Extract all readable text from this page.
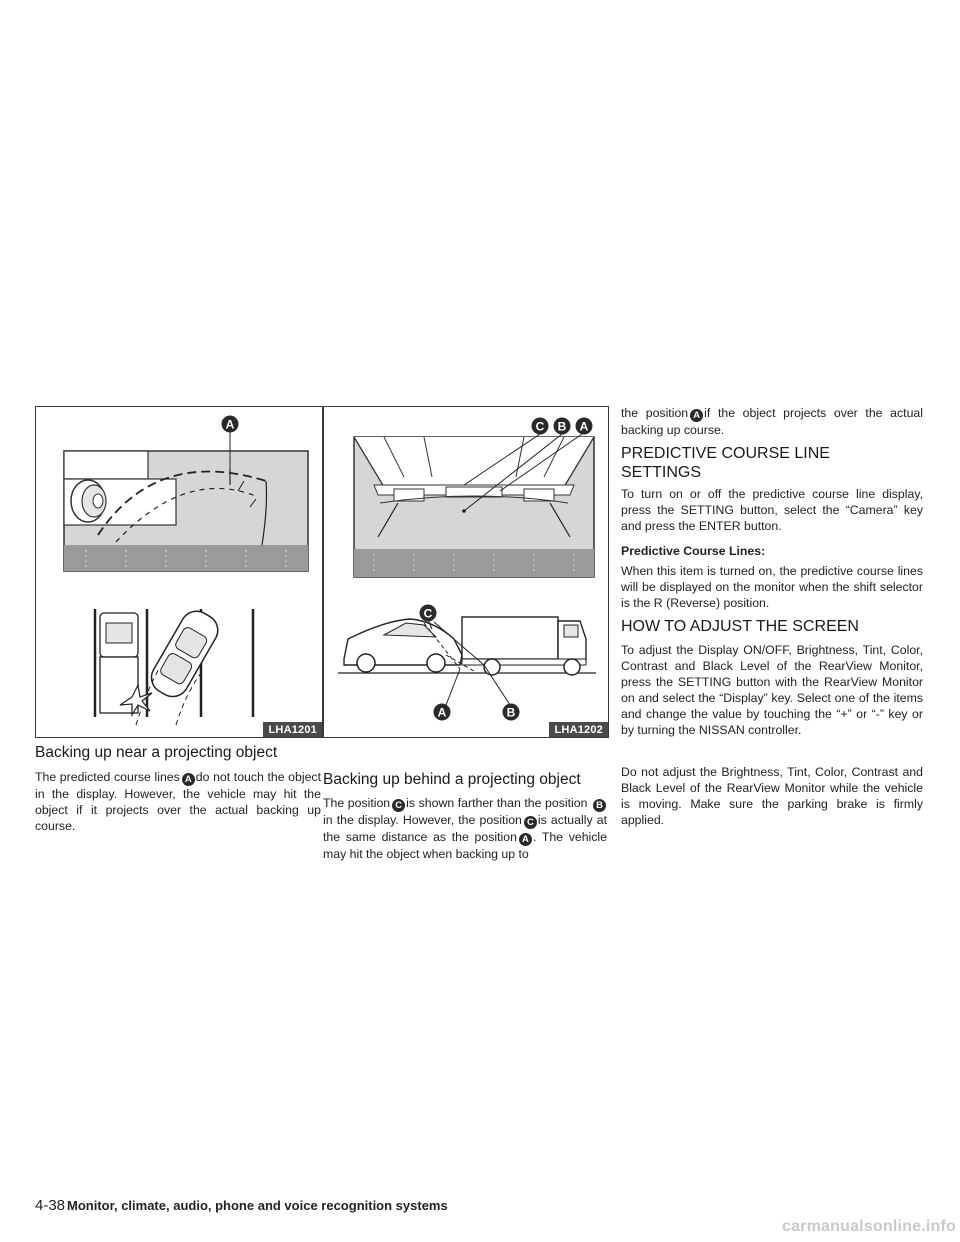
A
LHA1201
C B A
C
A	B
LHA1202
Backing up near a projecting object

The predicted course lines A do not touch the object in the display. However, the vehicle may hit the object if it projects over the actual backing up course.

Backing up behind a projecting object

The position C is shown farther than the position Bin the display. However, the position C is actually at the same distance as the position A . The vehicle may hit the object when backing up to

the position A if the object projects over the actual backing up course.

PREDICTIVE COURSE LINE SETTINGS

To turn on or off the predictive course line display, press the SETTING button, select the “Camera” key and press the ENTER button.

Predictive Course Lines:

When this item is turned on, the predictive course lines will be displayed on the monitor when the shift selector is the R (Reverse) position.

HOW TO ADJUST THE SCREEN

To adjust the Display ON/OFF, Brightness, Tint, Color, Contrast and Black Level of the RearView Monitor, press the SETTING button with the RearView Monitor on and select the “Display” key. Select one of the items and change the value by touching the “+” or “-” key or by turning the NISSAN controller.

Do not adjust the Brightness, Tint, Color, Contrast and Black Level of the RearView Monitor while the vehicle is moving. Make sure the parking brake is firmly applied.

4-38 Monitor, climate, audio, phone and voice recognition systems
carmanualsonline.info
